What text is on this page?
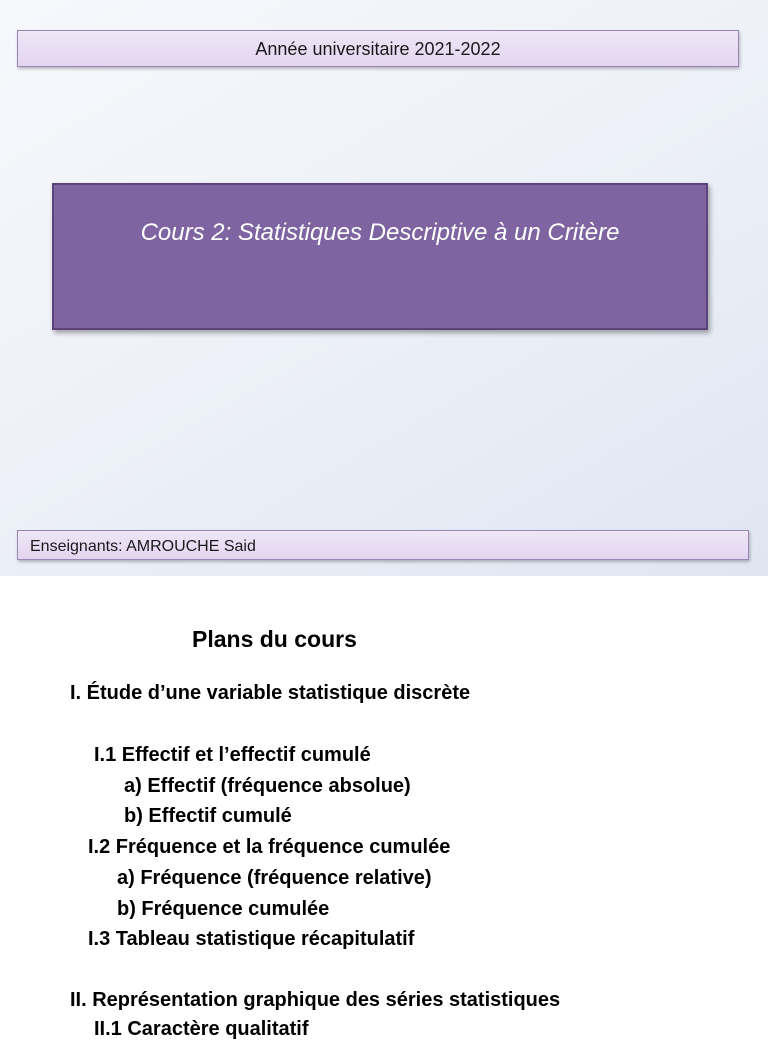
Année universitaire 2021-2022
Cours 2: Statistiques Descriptive à un Critère
Enseignants: AMROUCHE Said
Plans du cours
I. Étude d’une variable statistique discrète
I.1 Effectif et l’effectif cumulé
a) Effectif (fréquence absolue)
b) Effectif cumulé
I.2 Fréquence et la fréquence cumulée
a) Fréquence (fréquence relative)
b) Fréquence cumulée
I.3 Tableau statistique récapitulatif
II. Représentation graphique des séries statistiques
II.1 Caractère qualitatif
